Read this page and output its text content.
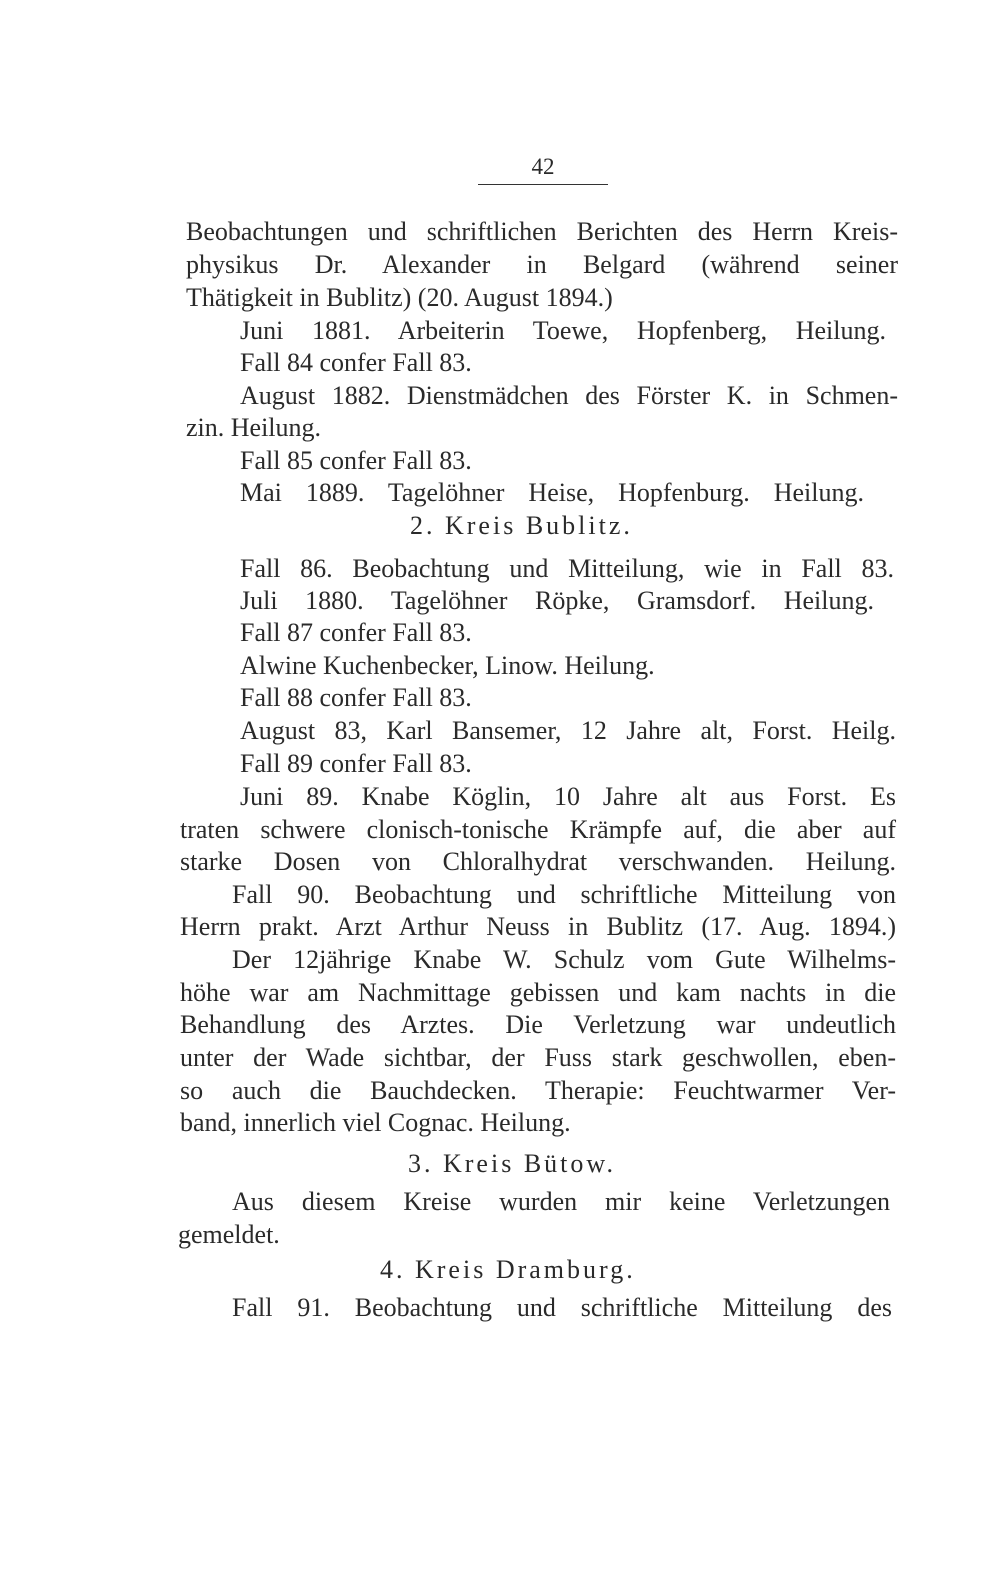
42
Beobachtungen und schriftlichen Berichten des Herrn Kreis-
physikus Dr. Alexander in Belgard (während seiner
Thätigkeit in Bublitz) (20. August 1894.)
Juni 1881. Arbeiterin Toewe, Hopfenberg, Heilung.
Fall 84 confer Fall 83.
August 1882. Dienstmädchen des Förster K. in Schmen-
zin. Heilung.
Fall 85 confer Fall 83.
Mai 1889. Tagelöhner Heise, Hopfenburg. Heilung.
2. Kreis Bublitz.
Fall 86. Beobachtung und Mitteilung, wie in Fall 83.
Juli 1880. Tagelöhner Röpke, Gramsdorf. Heilung.
Fall 87 confer Fall 83.
Alwine Kuchenbecker, Linow. Heilung.
Fall 88 confer Fall 83.
August 83, Karl Bansemer, 12 Jahre alt, Forst. Heilg.
Fall 89 confer Fall 83.
Juni 89. Knabe Köglin, 10 Jahre alt aus Forst. Es
traten schwere clonisch-tonische Krämpfe auf, die aber auf
starke Dosen von Chloralhydrat verschwanden. Heilung.
Fall 90. Beobachtung und schriftliche Mitteilung von
Herrn prakt. Arzt Arthur Neuss in Bublitz (17. Aug. 1894.)
Der 12jährige Knabe W. Schulz vom Gute Wilhelms-
höhe war am Nachmittage gebissen und kam nachts in die
Behandlung des Arztes. Die Verletzung war undeutlich
unter der Wade sichtbar, der Fuss stark geschwollen, eben-
so auch die Bauchdecken. Therapie: Feuchtwarmer Ver-
band, innerlich viel Cognac. Heilung.
3. Kreis Bütow.
Aus diesem Kreise wurden mir keine Verletzungen
gemeldet.
4. Kreis Dramburg.
Fall 91. Beobachtung und schriftliche Mitteilung des
